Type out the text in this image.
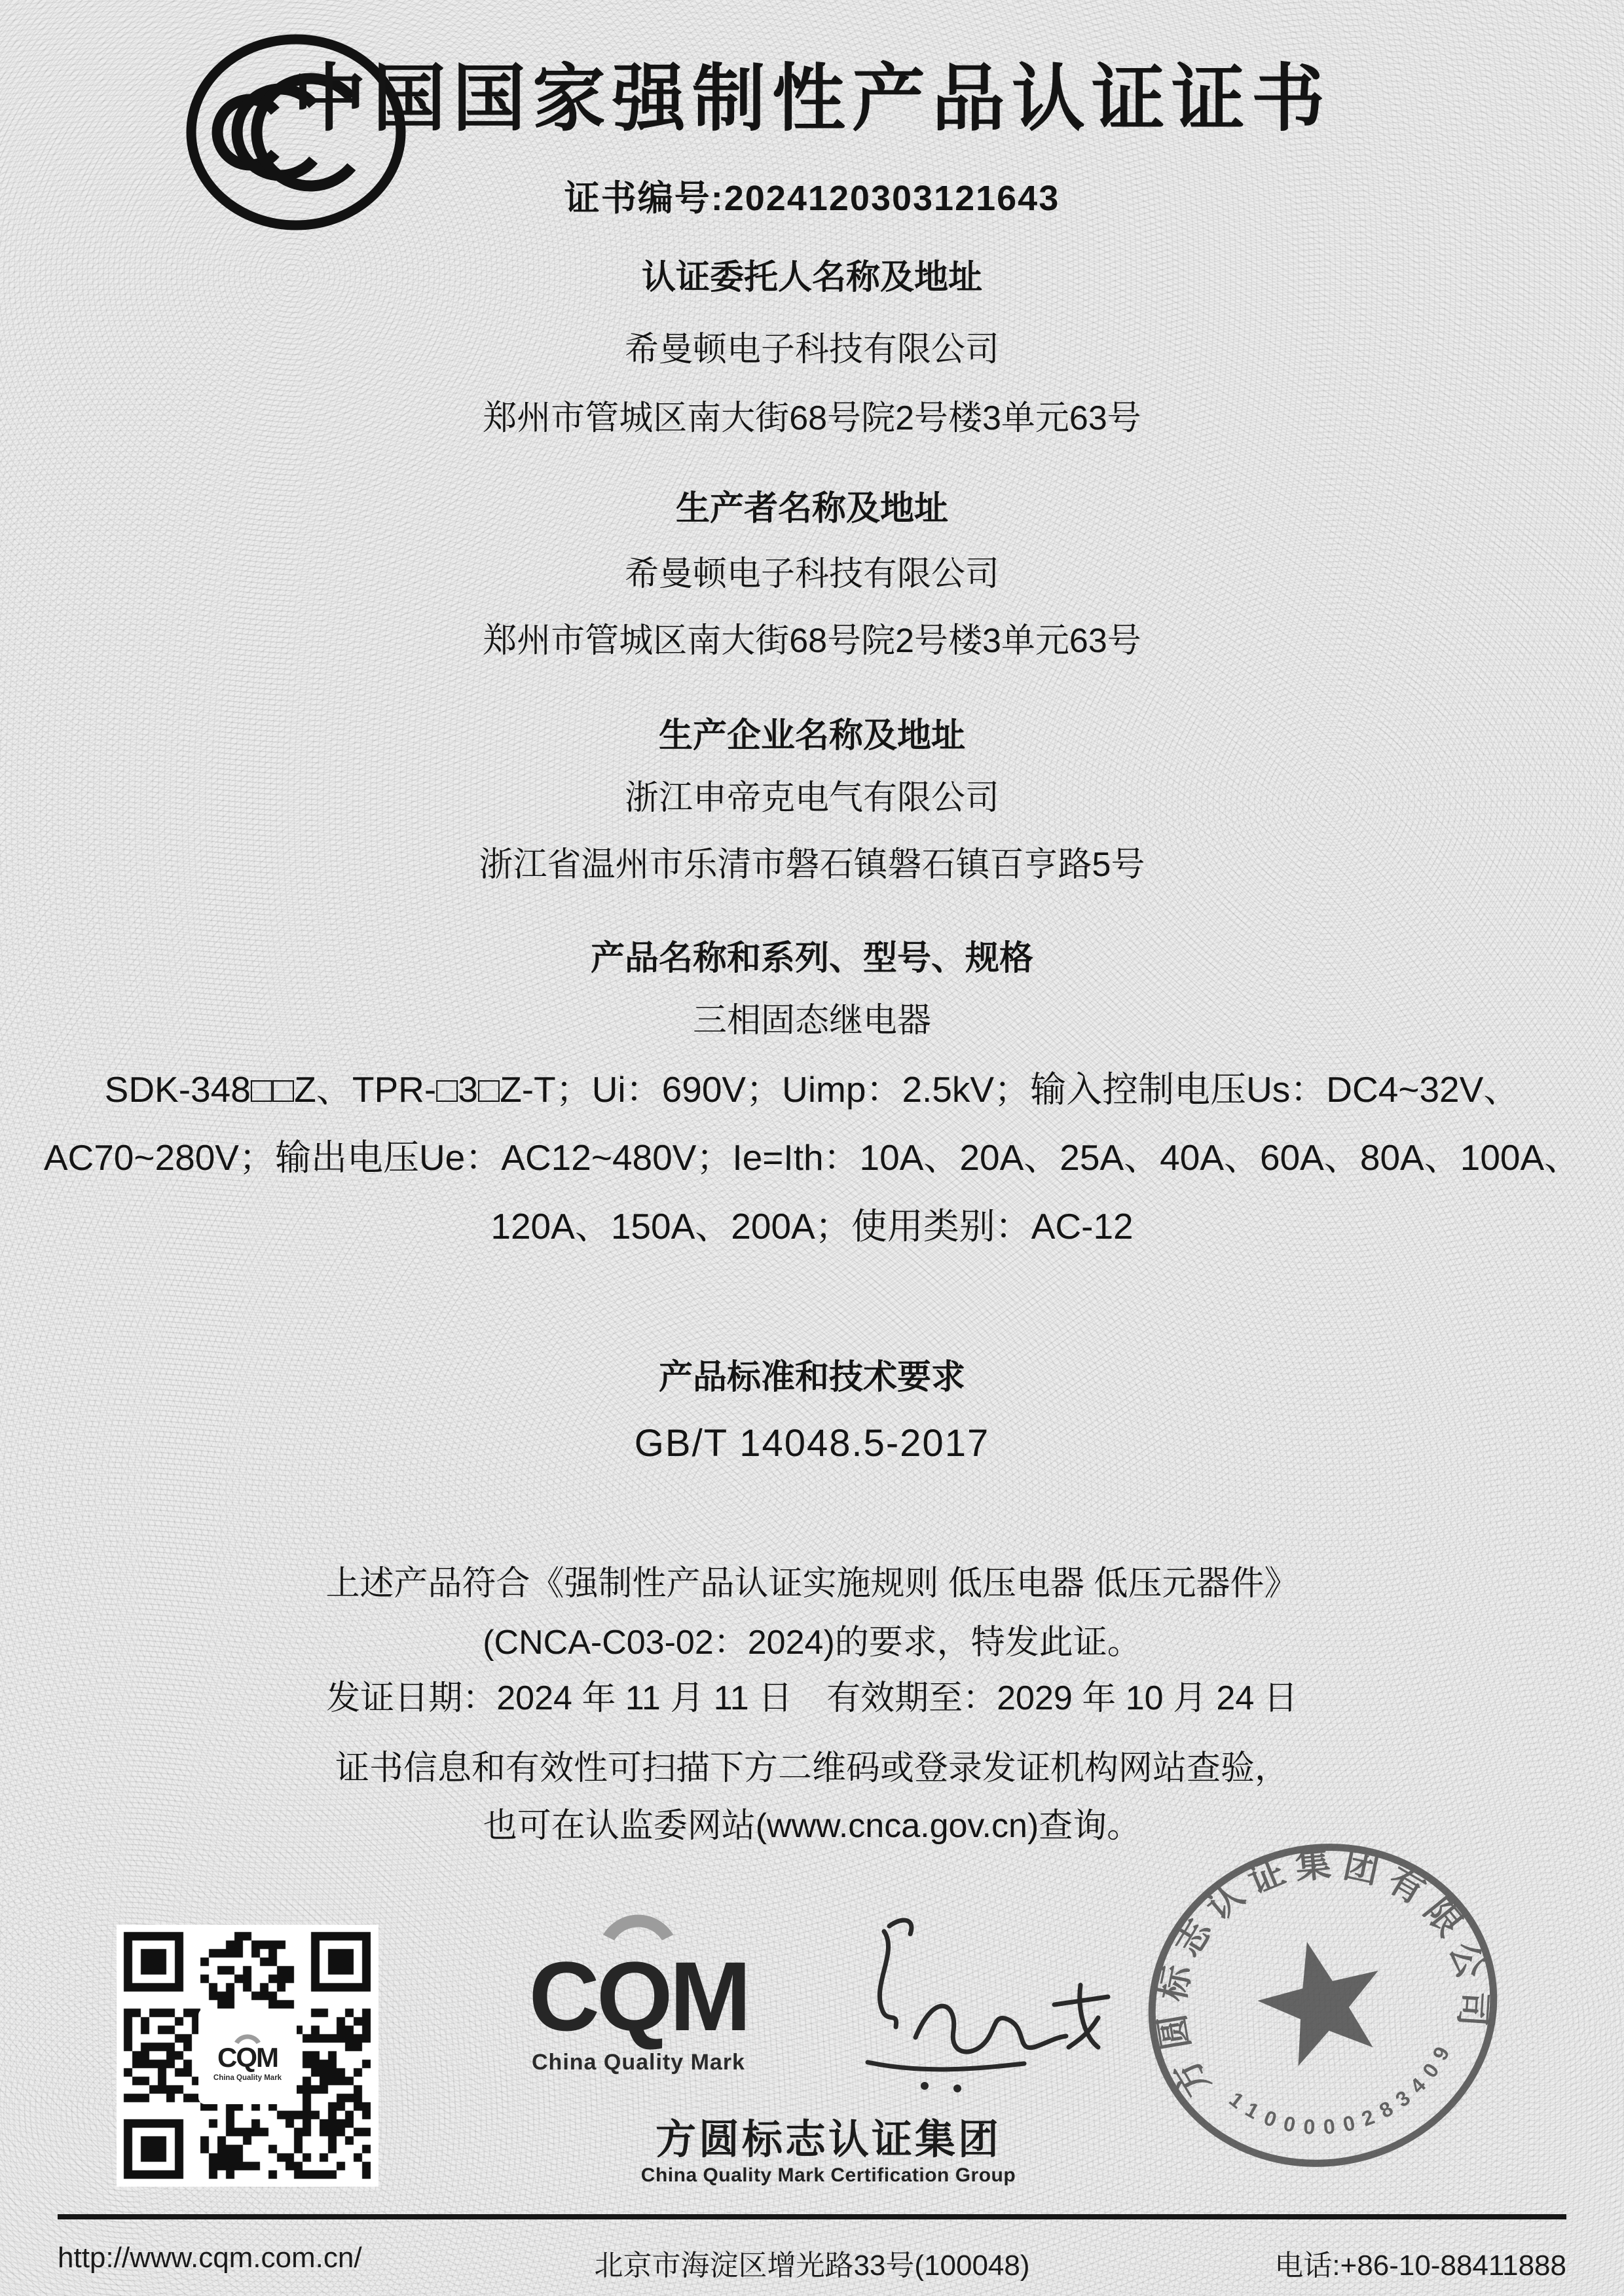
中国国家强制性产品认证证书
证书编号:2024120303121643
认证委托人名称及地址
希曼顿电子科技有限公司
郑州市管城区南大街68号院2号楼3单元63号
生产者名称及地址
希曼顿电子科技有限公司
郑州市管城区南大街68号院2号楼3单元63号
生产企业名称及地址
浙江申帝克电气有限公司
浙江省温州市乐清市磐石镇磐石镇百亨路5号
产品名称和系列、型号、规格
三相固态继电器
SDK-348□□Z、TPR-□3□Z-T；Ui：690V；Uimp：2.5kV；输入控制电压Us：DC4~32V、
AC70~280V；输出电压Ue：AC12~480V；Ie=Ith：10A、20A、25A、40A、60A、80A、100A、
120A、150A、200A；使用类别：AC-12
产品标准和技术要求
GB/T 14048.5-2017
上述产品符合《强制性产品认证实施规则 低压电器 低压元器件》
(CNCA-C03-02：2024)的要求，特发此证。
发证日期：2024 年 11 月 11 日　有效期至：2029 年 10 月 24 日
证书信息和有效性可扫描下方二维码或登录发证机构网站查验，
也可在认监委网站(www.cnca.gov.cn)查询。
CQM
China Quality Mark
CQM
China Quality Mark	方圆标志认证集团有限公司
1100000283409
方圆标志认证集团
China Quality Mark Certification Group
http://www.cqm.com.cn/	北京市海淀区增光路33号(100048)	电话:+86-10-88411888
